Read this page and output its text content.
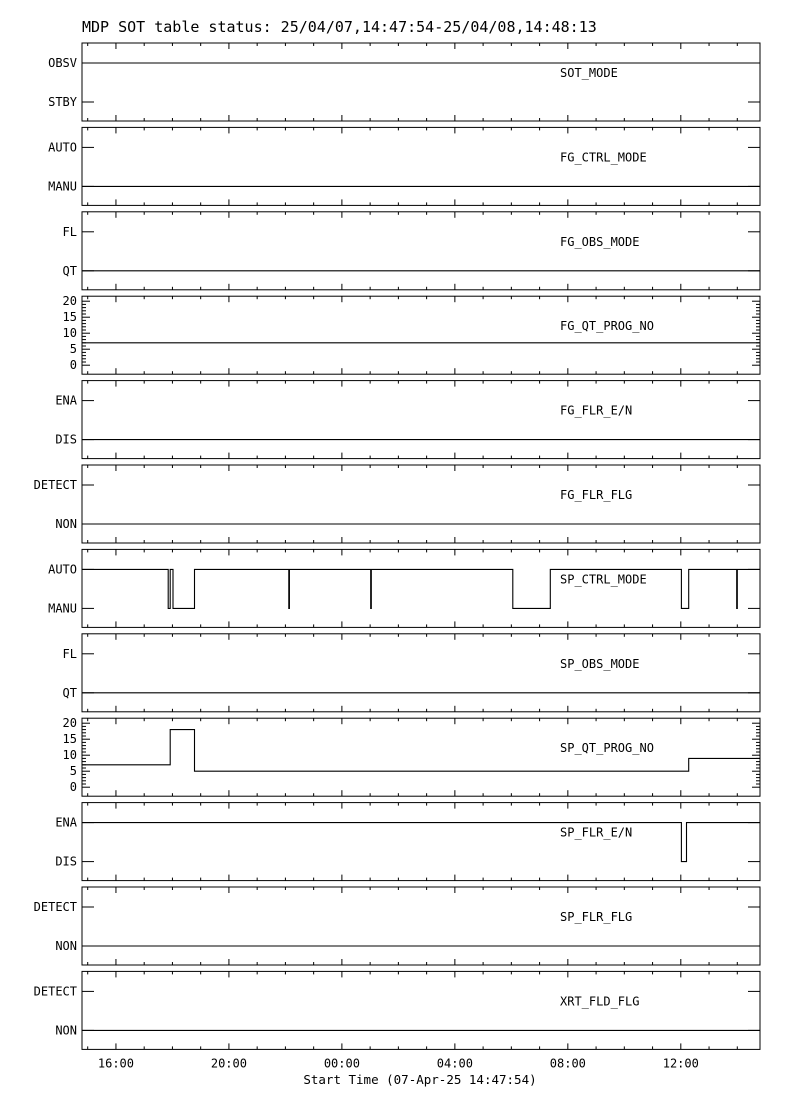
MDP SOT table status: 25/04/07,14:47:54-25/04/08,14:48:13
OBSV
STBY
SOT_MODE
AUTO
MANU
FG_CTRL_MODE
FL
QT
FG_OBS_MODE
0
5
10
15
20
FG_QT_PROG_NO
ENA
DIS
FG_FLR_E/N
DETECT
NON
FG_FLR_FLG
AUTO
MANU
SP_CTRL_MODE
FL
QT
SP_OBS_MODE
0
5
10
15
20
SP_QT_PROG_NO
ENA
DIS
SP_FLR_E/N
DETECT
NON
SP_FLR_FLG
DETECT
NON
XRT_FLD_FLG
16:00	20:00	00:00	04:00	08:00	12:00
Start Time (07-Apr-25 14:47:54)
